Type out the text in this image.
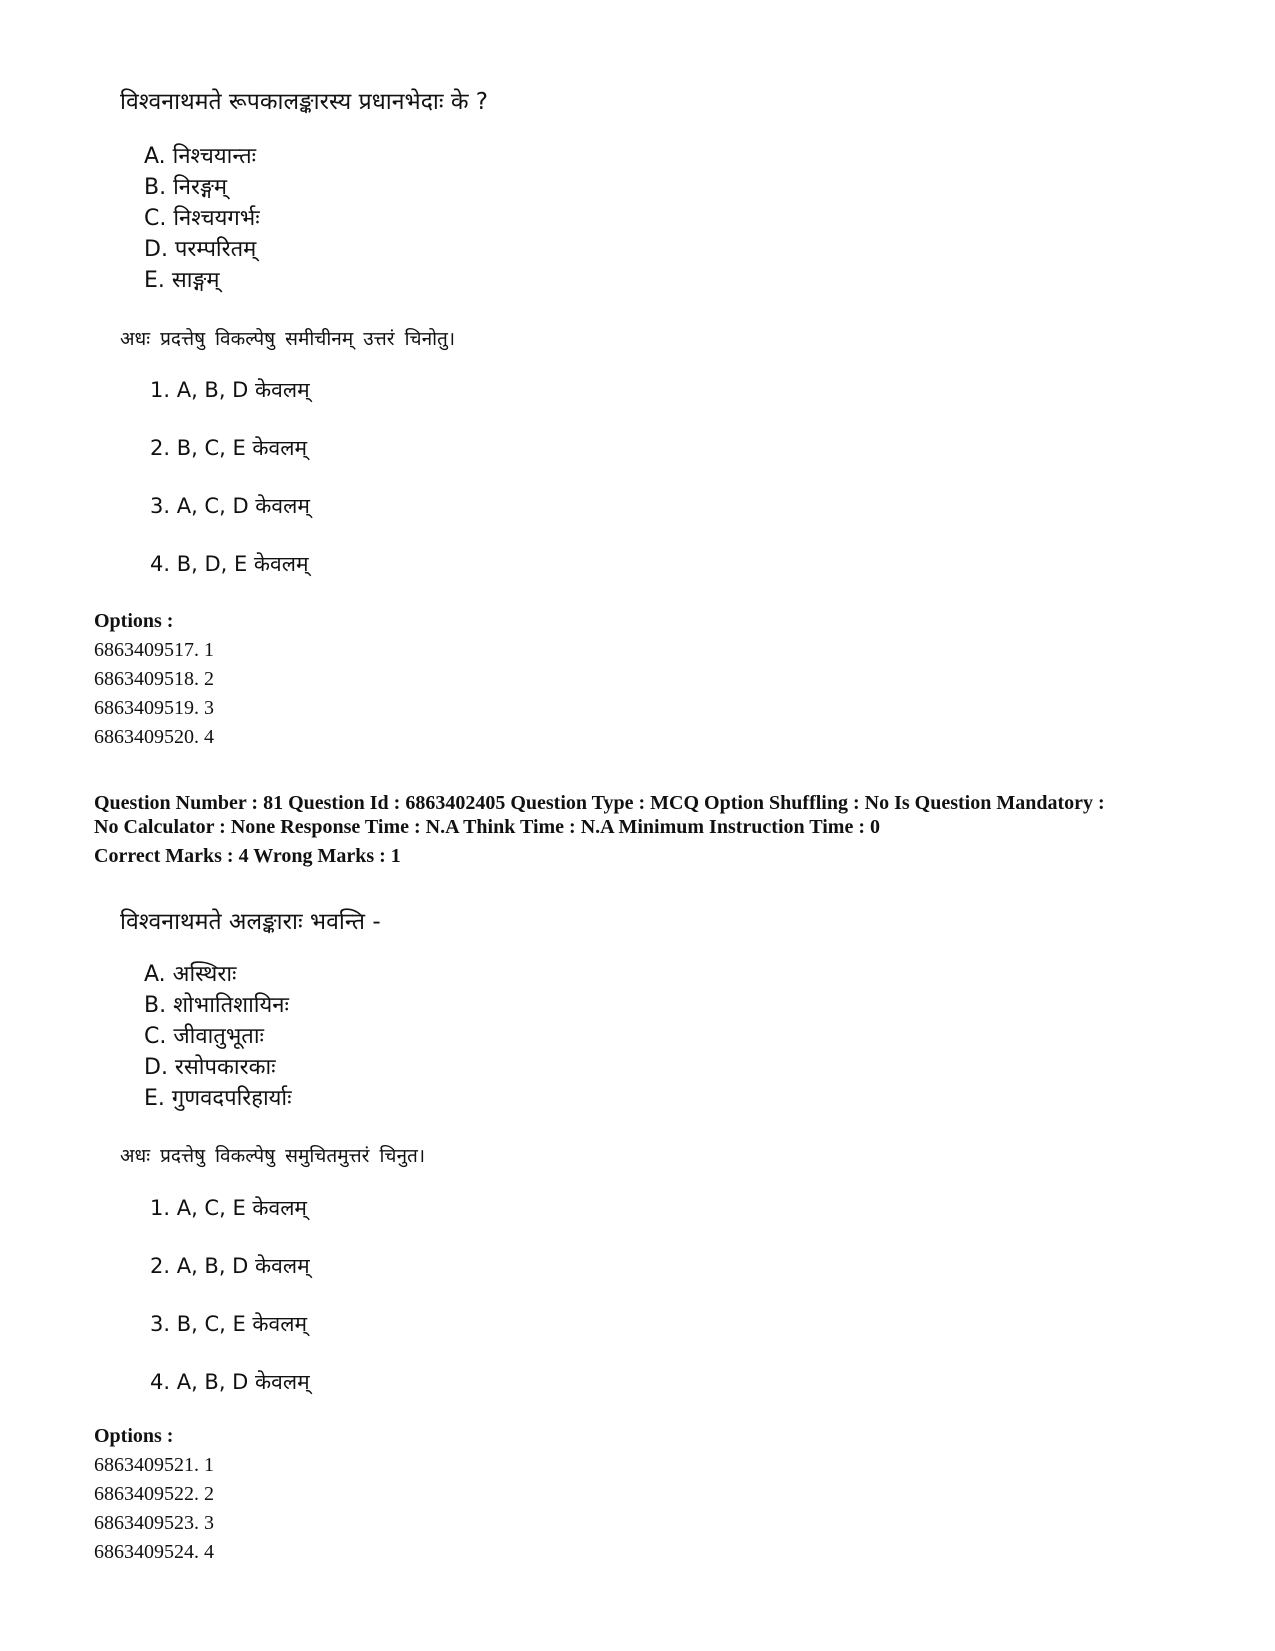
विश्वनाथमते रूपकालङ्कारस्य प्रधानभेदाः के ?
A. निश्चयान्तः
B. निरङ्गम्
C. निश्चयगर्भः
D. परम्परितम्
E. साङ्गम्
अधः प्रदत्तेषु विकल्पेषु समीचीनम् उत्तरं चिनोतु।
1. A, B, D केवलम्
2. B, C, E केवलम्
3. A, C, D केवलम्
4. B, D, E केवलम्
Options :
6863409517. 1
6863409518. 2
6863409519. 3
6863409520. 4
Question Number : 81 Question Id : 6863402405 Question Type : MCQ Option Shuffling : No Is Question Mandatory :
No Calculator : None Response Time : N.A Think Time : N.A Minimum Instruction Time : 0
Correct Marks : 4 Wrong Marks : 1
विश्वनाथमते अलङ्काराः भवन्ति -
A. अस्थिराः
B. शोभातिशायिनः
C. जीवातुभूताः
D. रसोपकारकाः
E. गुणवदपरिहार्याः
अधः प्रदत्तेषु विकल्पेषु समुचितमुत्तरं चिनुत।
1. A, C, E केवलम्
2. A, B, D केवलम्
3. B, C, E केवलम्
4. A, B, D केवलम्
Options :
6863409521. 1
6863409522. 2
6863409523. 3
6863409524. 4
